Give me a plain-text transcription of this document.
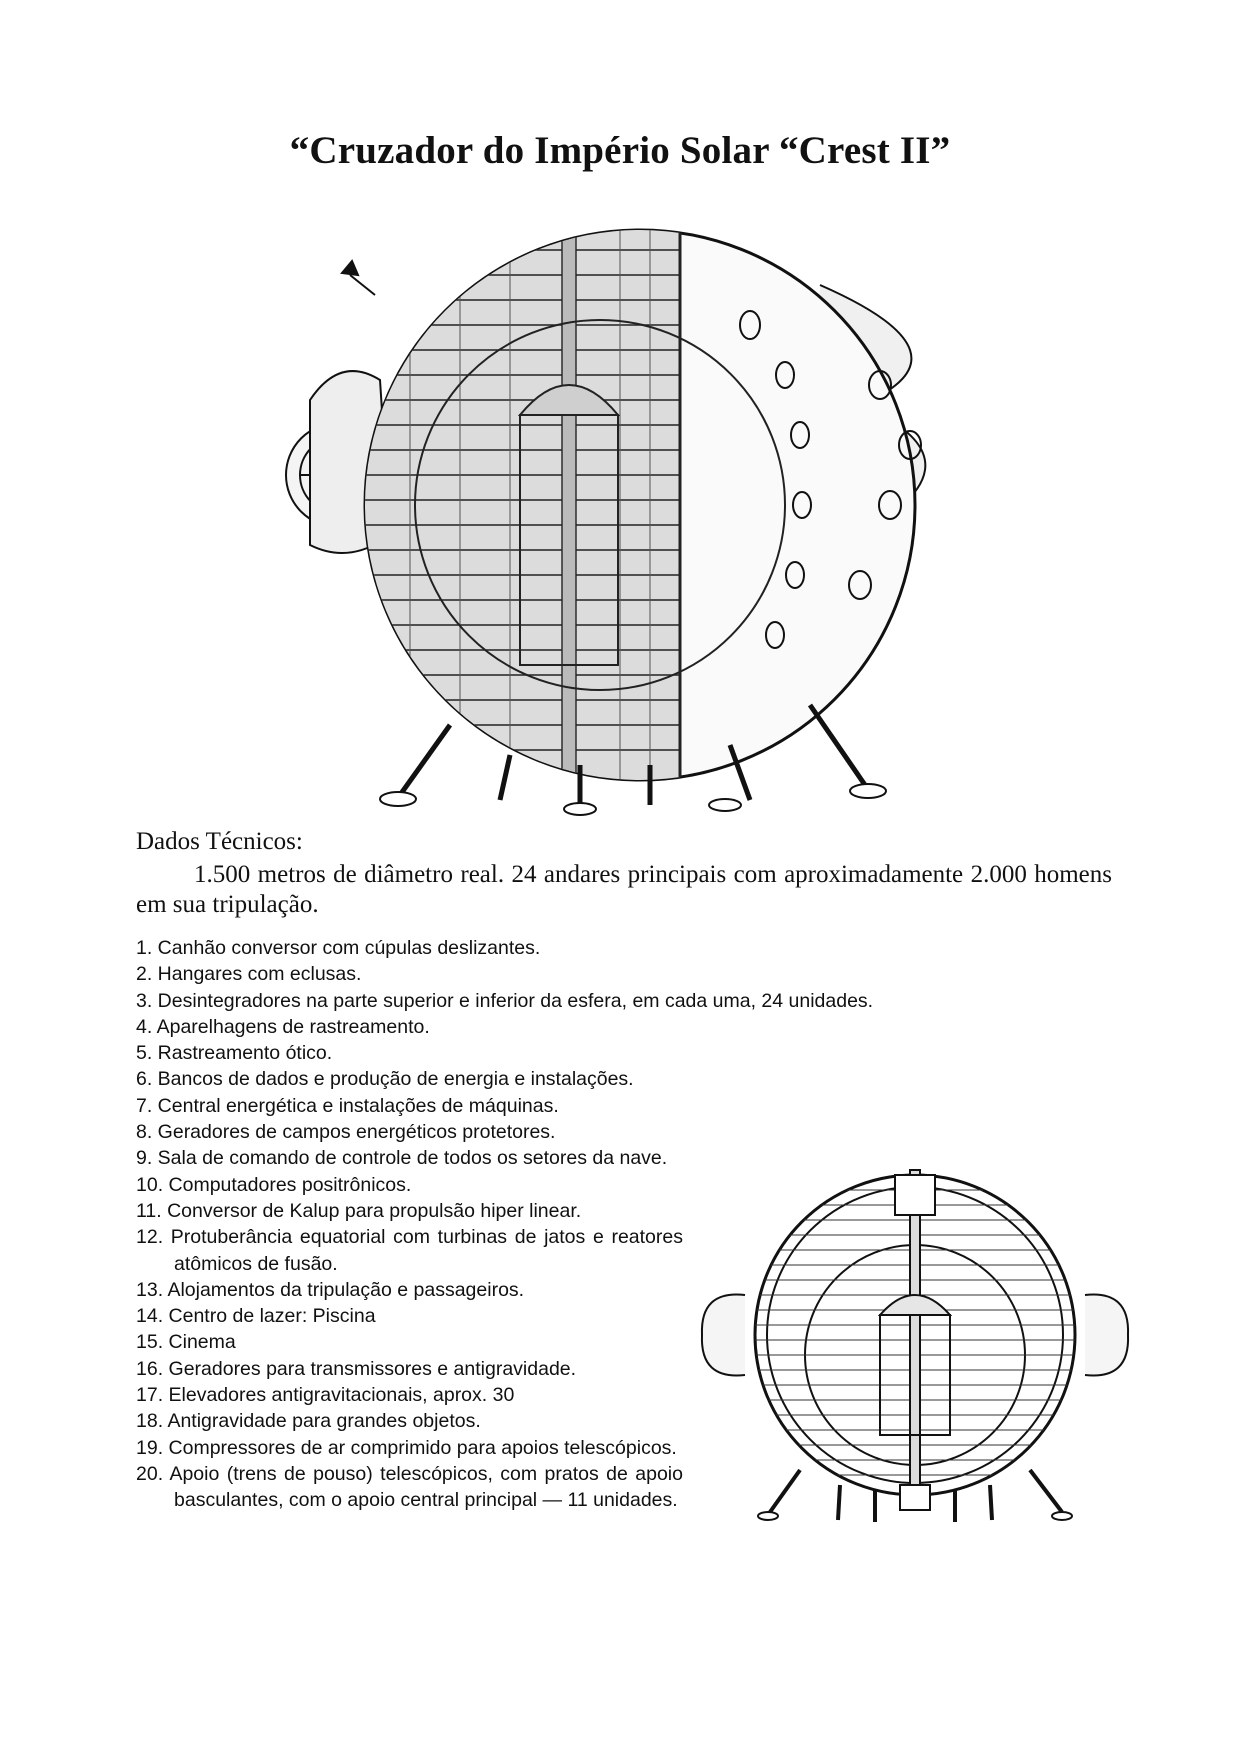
“Cruzador do Império Solar “Crest II”
Dados Técnicos:
1.500 metros de diâmetro real. 24 andares principais com aproximadamente 2.000 homens em sua tripulação.
1. Canhão conversor com cúpulas deslizantes.
2. Hangares com eclusas.
3. Desintegradores na parte superior e inferior da esfera, em cada uma, 24 unidades.
4. Aparelhagens de rastreamento.
5. Rastreamento ótico.
6. Bancos de dados e produção de energia e instalações.
7. Central energética e instalações de máquinas.
8. Geradores de campos energéticos protetores.
9. Sala de comando de controle de todos os setores da nave.
10. Computadores positrônicos.
11. Conversor de Kalup para propulsão hiper linear.
12. Protuberância equatorial com turbinas de jatos e reatores atômicos de fusão.
13. Alojamentos da tripulação e passageiros.
14. Centro de lazer: Piscina
15. Cinema
16. Geradores para transmissores e antigravidade.
17. Elevadores antigravitacionais, aprox. 30
18. Antigravidade para grandes objetos.
19. Compressores de ar comprimido para apoios telescópicos.
20. Apoio (trens de pouso) telescópicos, com pratos de apoio basculantes, com o apoio central principal — 11 unidades.
